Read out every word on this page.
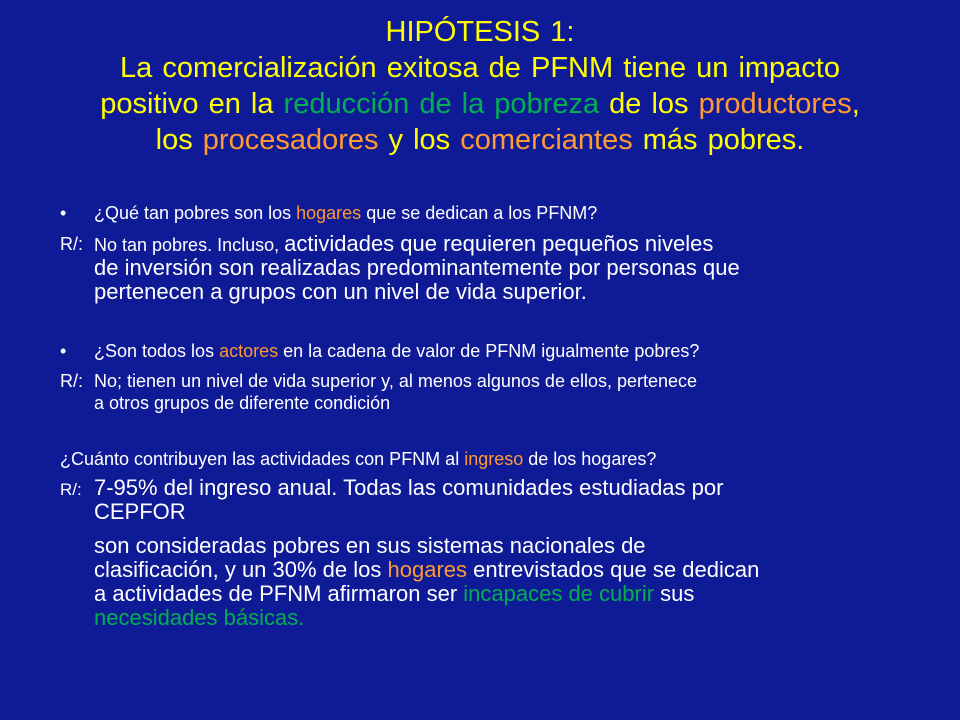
HIPÓTESIS 1:
La comercialización exitosa de PFNM tiene un impacto
positivo en la reducción de la pobreza de los productores,
los procesadores y los comerciantes más pobres.
• ¿Qué tan pobres son los hogares que se dedican a los PFNM?
R/: No tan pobres. Incluso, actividades que requieren pequeños niveles
de inversión son realizadas predominantemente por personas que
pertenecen a grupos con un nivel de vida superior.
• ¿Son todos los actores en la cadena de valor de PFNM igualmente pobres?
R/: No; tienen un nivel de vida superior y, al menos algunos de ellos, pertenece
a otros grupos de diferente condición
¿Cuánto contribuyen las actividades con PFNM al ingreso de los hogares?
R/: 7-95% del ingreso anual. Todas las comunidades estudiadas por
CEPFOR
son consideradas pobres en sus sistemas nacionales de
clasificación, y un 30% de los hogares entrevistados que se dedican
a actividades de PFNM afirmaron ser incapaces de cubrir sus
necesidades básicas.
